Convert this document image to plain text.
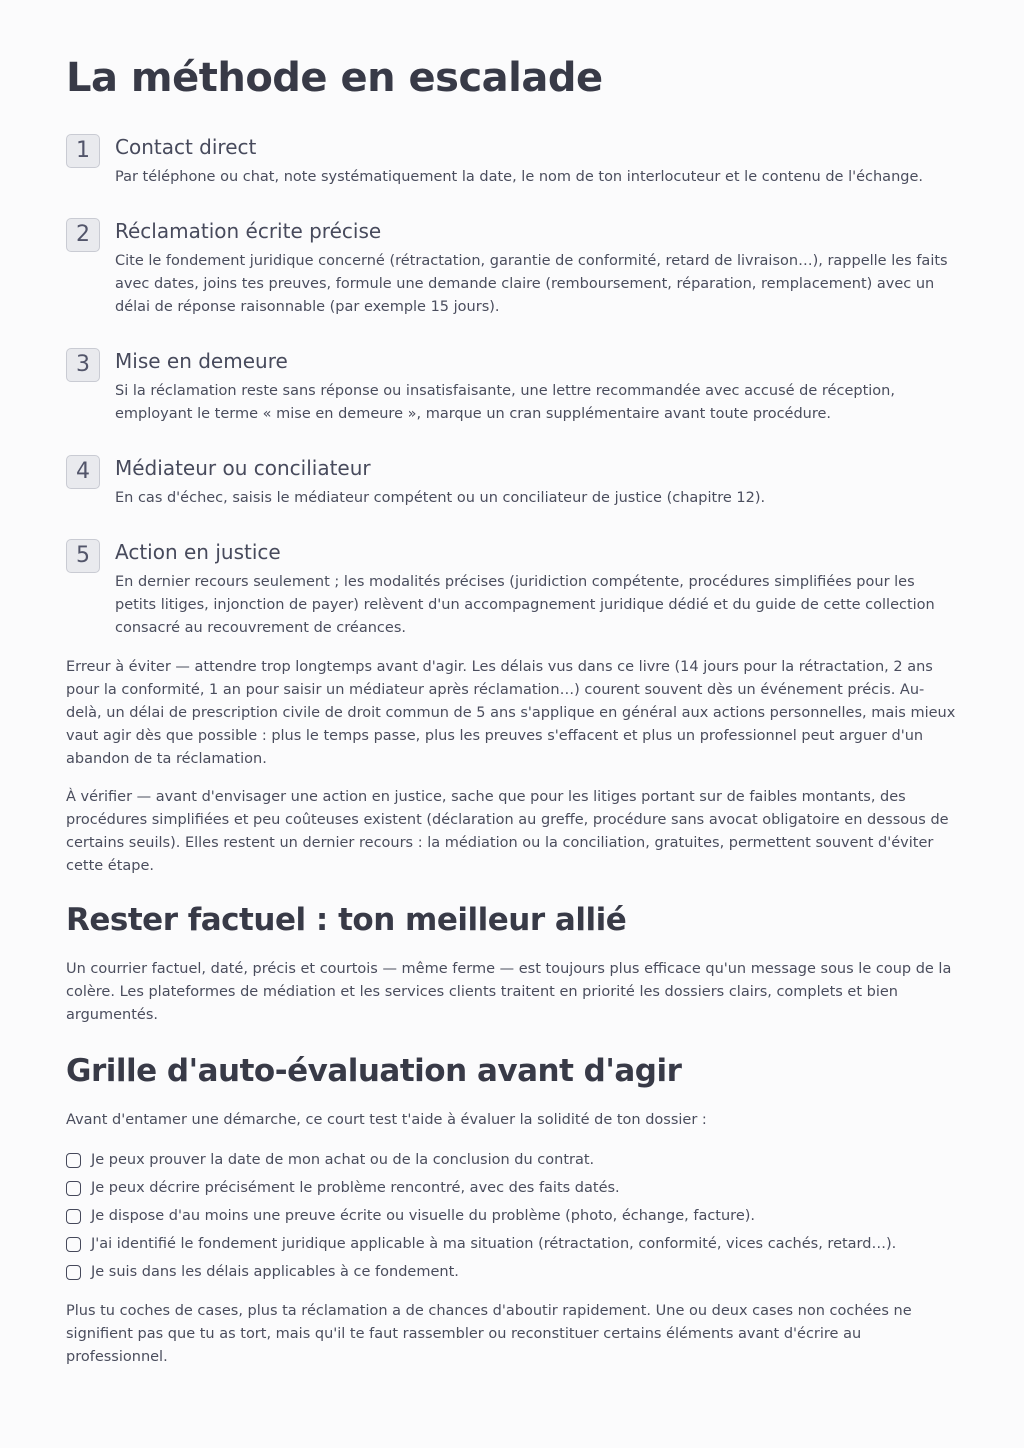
La méthode en escalade
1	Contact direct

Par téléphone ou chat, note systématiquement la date, le nom de ton interlocuteur et le contenu de l'échange.

2	Réclamation écrite précise

Cite le fondement juridique concerné (rétractation, garantie de conformité, retard de livraison…), rappelle les faits avec dates, joins tes preuves, formule une demande claire (remboursement, réparation, remplacement) avec un délai de réponse raisonnable (par exemple 15 jours).

3	Mise en demeure

Si la réclamation reste sans réponse ou insatisfaisante, une lettre recommandée avec accusé de réception, employant le terme « mise en demeure », marque un cran supplémentaire avant toute procédure.

4	Médiateur ou conciliateur

En cas d'échec, saisis le médiateur compétent ou un conciliateur de justice (chapitre 12).

5	Action en justice

En dernier recours seulement ; les modalités précises (juridiction compétente, procédures simplifiées pour les petits litiges, injonction de payer) relèvent d'un accompagnement juridique dédié et du guide de cette collection consacré au recouvrement de créances.

Erreur à éviter — attendre trop longtemps avant d'agir. Les délais vus dans ce livre (14 jours pour la rétractation, 2 ans pour la conformité, 1 an pour saisir un médiateur après réclamation…) courent souvent dès un événement précis. Au-delà, un délai de prescription civile de droit commun de 5 ans s'applique en général aux actions personnelles, mais mieux vaut agir dès que possible : plus le temps passe, plus les preuves s'effacent et plus un professionnel peut arguer d'un abandon de ta réclamation.

À vérifier — avant d'envisager une action en justice, sache que pour les litiges portant sur de faibles montants, des procédures simplifiées et peu coûteuses existent (déclaration au greffe, procédure sans avocat obligatoire en dessous de certains seuils). Elles restent un dernier recours : la médiation ou la conciliation, gratuites, permettent souvent d'éviter cette étape.

Rester factuel : ton meilleur allié

Un courrier factuel, daté, précis et courtois — même ferme — est toujours plus efficace qu'un message sous le coup de la colère. Les plateformes de médiation et les services clients traitent en priorité les dossiers clairs, complets et bien argumentés.

Grille d'auto-évaluation avant d'agir

Avant d'entamer une démarche, ce court test t'aide à évaluer la solidité de ton dossier :

Je peux prouver la date de mon achat ou de la conclusion du contrat.
Je peux décrire précisément le problème rencontré, avec des faits datés.
Je dispose d'au moins une preuve écrite ou visuelle du problème (photo, échange, facture).
J'ai identifié le fondement juridique applicable à ma situation (rétractation, conformité, vices cachés, retard…).
Je suis dans les délais applicables à ce fondement.

Plus tu coches de cases, plus ta réclamation a de chances d'aboutir rapidement. Une ou deux cases non cochées ne signifient pas que tu as tort, mais qu'il te faut rassembler ou reconstituer certains éléments avant d'écrire au professionnel.
